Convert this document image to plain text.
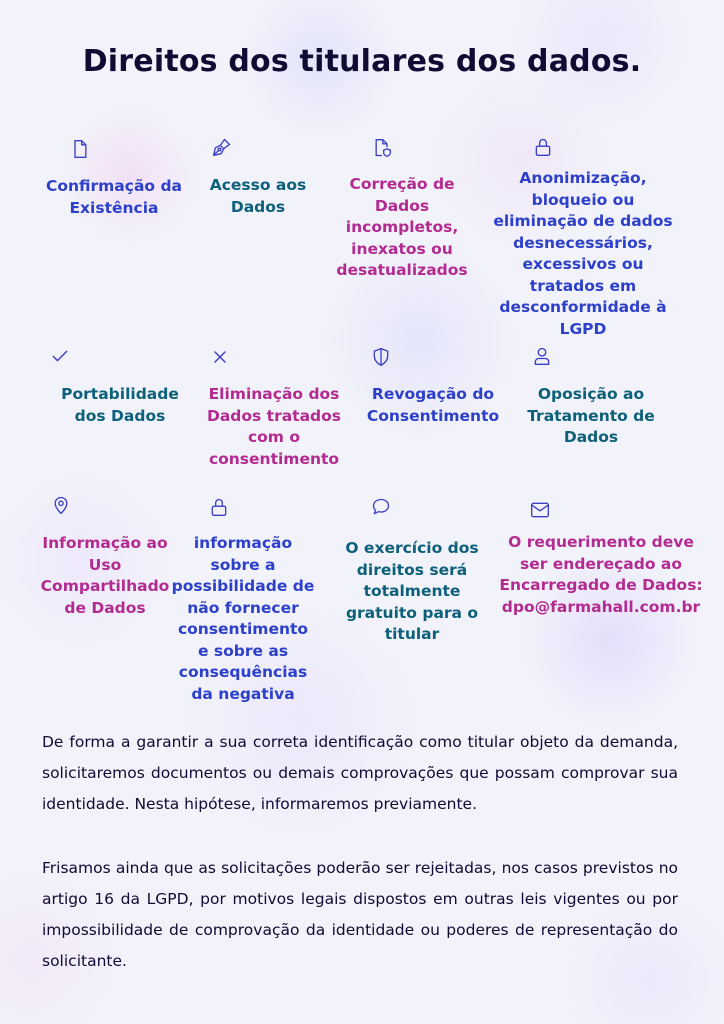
Direitos dos titulares dos dados.

Confirmação da Existência

Acesso aos Dados

Correção de Dados incompletos, inexatos ou desatualizados

Anonimização, bloqueio ou eliminação de dados desnecessários, excessivos ou tratados em desconformidade à LGPD

Portabilidade dos Dados

Eliminação dos Dados tratados com o consentimento

Revogação do Consentimento

Oposição ao Tratamento de Dados

Informação ao Uso Compartilhado de Dados

informação sobre a possibilidade de não fornecer consentimento e sobre as consequências da negativa

O exercício dos direitos será totalmente gratuito para o titular

O requerimento deve ser endereçado ao Encarregado de Dados: dpo@farmahall.com.br

De forma a garantir a sua correta identificação como titular objeto da demanda, solicitaremos documentos ou demais comprovações que possam comprovar sua identidade. Nesta hipótese, informaremos previamente.

Frisamos ainda que as solicitações poderão ser rejeitadas, nos casos previstos no artigo 16 da LGPD, por motivos legais dispostos em outras leis vigentes ou por impossibilidade de comprovação da identidade ou poderes de representação do solicitante.
